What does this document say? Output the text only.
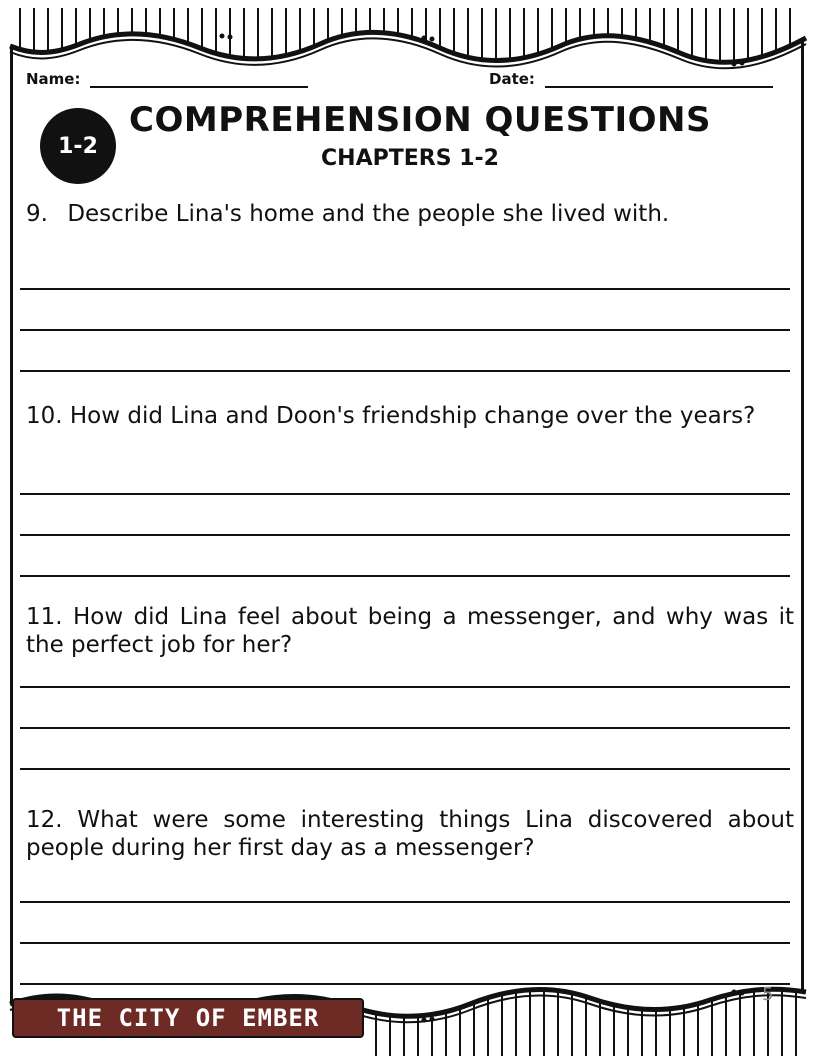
Name:	Date:
1-2
COMPREHENSION QUESTIONS
CHAPTERS 1-2
9. Describe Lina's home and the people she lived with.
10. How did Lina and Doon's friendship change over the years?
11. How did Lina feel about being a messenger, and why was it the perfect job for her?
12. What were some interesting things Lina discovered about people during her first day as a messenger?
THE CITY OF EMBER
5
